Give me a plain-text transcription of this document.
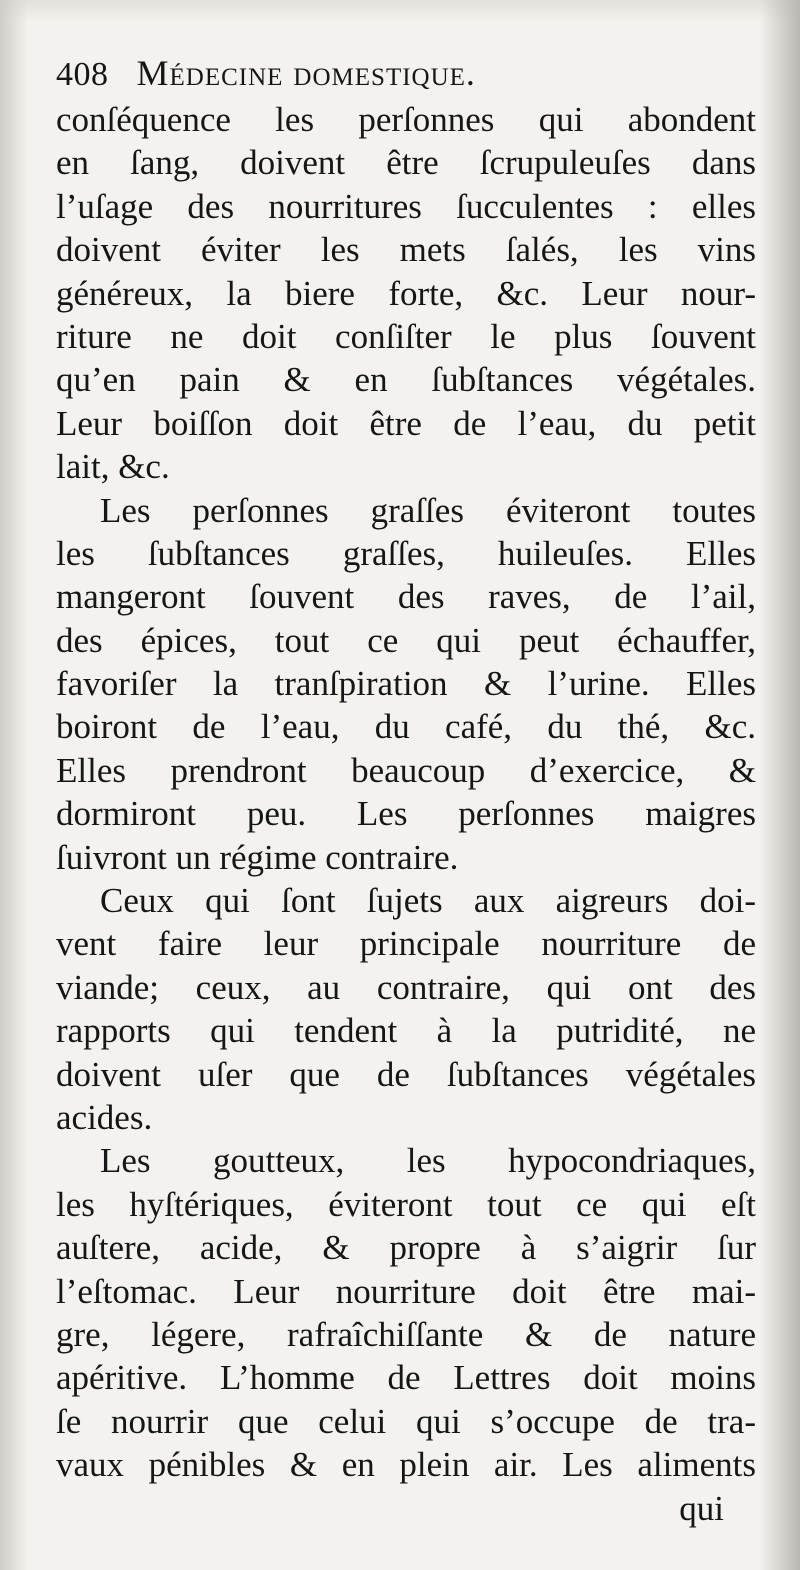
408 Médecine domestique.
conſéquence les perſonnes qui abondent
en ſang, doivent être ſcrupuleuſes dans
l’uſage des nourritures ſucculentes : elles
doivent éviter les mets ſalés, les vins
généreux, la biere forte, &c. Leur nour-
riture ne doit conſiſter le plus ſouvent
qu’en pain & en ſubſtances végétales.
Leur boiſſon doit être de l’eau, du petit
lait, &c.
Les perſonnes graſſes éviteront toutes
les ſubſtances graſſes, huileuſes. Elles
mangeront ſouvent des raves, de l’ail,
des épices, tout ce qui peut échauffer,
favoriſer la tranſpiration & l’urine. Elles
boiront de l’eau, du café, du thé, &c.
Elles prendront beaucoup d’exercice, &
dormiront peu. Les perſonnes maigres
ſuivront un régime contraire.
Ceux qui ſont ſujets aux aigreurs doi-
vent faire leur principale nourriture de
viande; ceux, au contraire, qui ont des
rapports qui tendent à la putridité, ne
doivent uſer que de ſubſtances végétales
acides.
Les goutteux, les hypocondriaques,
les hyſtériques, éviteront tout ce qui eſt
auſtere, acide, & propre à s’aigrir ſur
l’eſtomac. Leur nourriture doit être mai-
gre, légere, rafraîchiſſante & de nature
apéritive. L’homme de Lettres doit moins
ſe nourrir que celui qui s’occupe de tra-
vaux pénibles & en plein air. Les aliments
qui
